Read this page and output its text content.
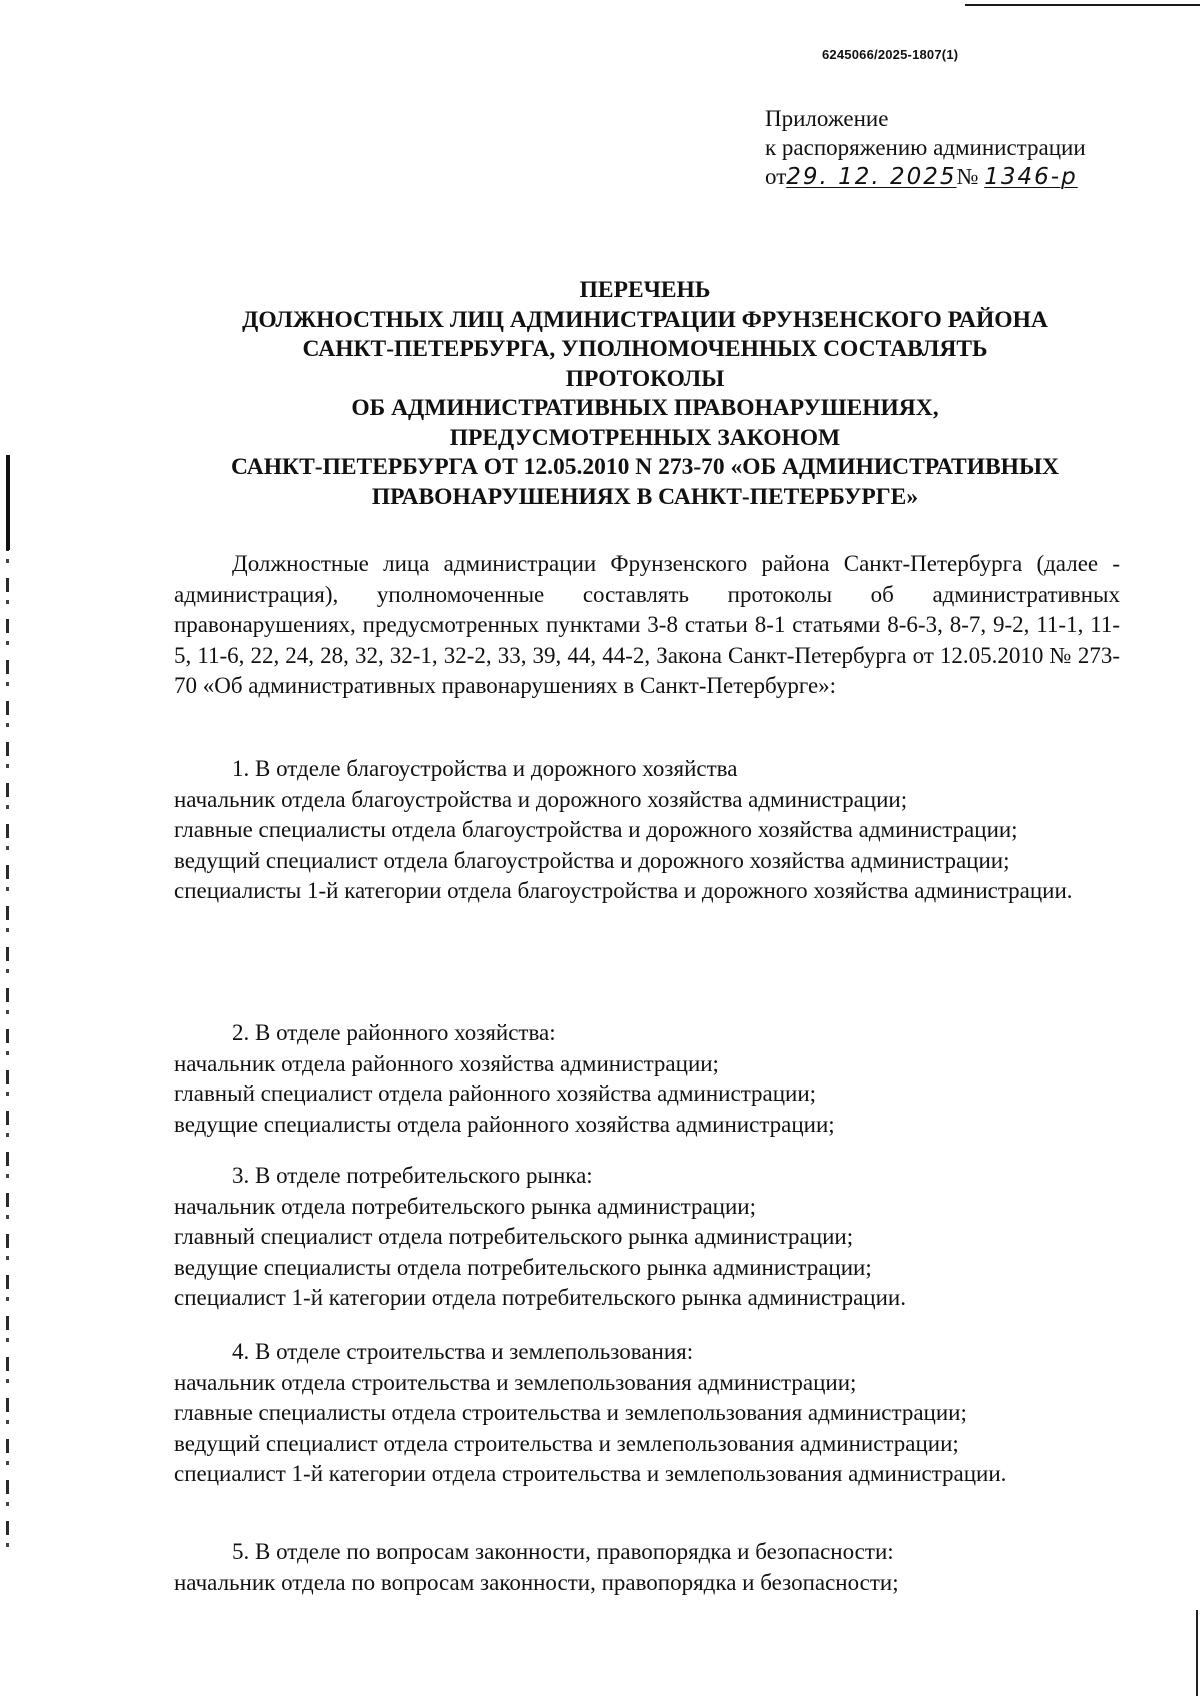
6245066/2025-1807(1)
Приложение
к распоряжению администрации
от29. 12. 2025№ 1346-р
ПЕРЕЧЕНЬ
ДОЛЖНОСТНЫХ ЛИЦ АДМИНИСТРАЦИИ ФРУНЗЕНСКОГО РАЙОНА
САНКТ-ПЕТЕРБУРГА, УПОЛНОМОЧЕННЫХ СОСТАВЛЯТЬ
ПРОТОКОЛЫ
ОБ АДМИНИСТРАТИВНЫХ ПРАВОНАРУШЕНИЯХ,
ПРЕДУСМОТРЕННЫХ ЗАКОНОМ
САНКТ-ПЕТЕРБУРГА ОТ 12.05.2010 N 273-70 «ОБ АДМИНИСТРАТИВНЫХ
ПРАВОНАРУШЕНИЯХ В САНКТ-ПЕТЕРБУРГЕ»
Должностные лица администрации Фрунзенского района Санкт-Петербурга (далее - администрация), уполномоченные составлять протоколы об административных правонарушениях, предусмотренных пунктами 3-8 статьи 8-1 статьями 8-6-3, 8-7, 9-2, 11-1, 11-5, 11-6, 22, 24, 28, 32, 32-1, 32-2, 33, 39, 44, 44-2, Закона Санкт-Петербурга от 12.05.2010 № 273-70 «Об административных правонарушениях в Санкт-Петербурге»:
1. В отделе благоустройства и дорожного хозяйства
начальник отдела благоустройства и дорожного хозяйства администрации;
главные специалисты отдела благоустройства и дорожного хозяйства администрации;
ведущий специалист отдела благоустройства и дорожного хозяйства администрации;
специалисты 1-й категории отдела благоустройства и дорожного хозяйства администрации.
2. В отделе районного хозяйства:
начальник отдела районного хозяйства администрации;
главный специалист отдела районного хозяйства администрации;
ведущие специалисты отдела районного хозяйства администрации;
3. В отделе потребительского рынка:
начальник отдела потребительского рынка администрации;
главный специалист отдела потребительского рынка администрации;
ведущие специалисты отдела потребительского рынка администрации;
специалист 1-й категории отдела потребительского рынка администрации.
4. В отделе строительства и землепользования:
начальник отдела строительства и землепользования администрации;
главные специалисты отдела строительства и землепользования администрации;
ведущий специалист отдела строительства и землепользования администрации;
специалист 1-й категории отдела строительства и землепользования администрации.
5. В отделе по вопросам законности, правопорядка и безопасности:
начальник отдела по вопросам законности, правопорядка и безопасности;
